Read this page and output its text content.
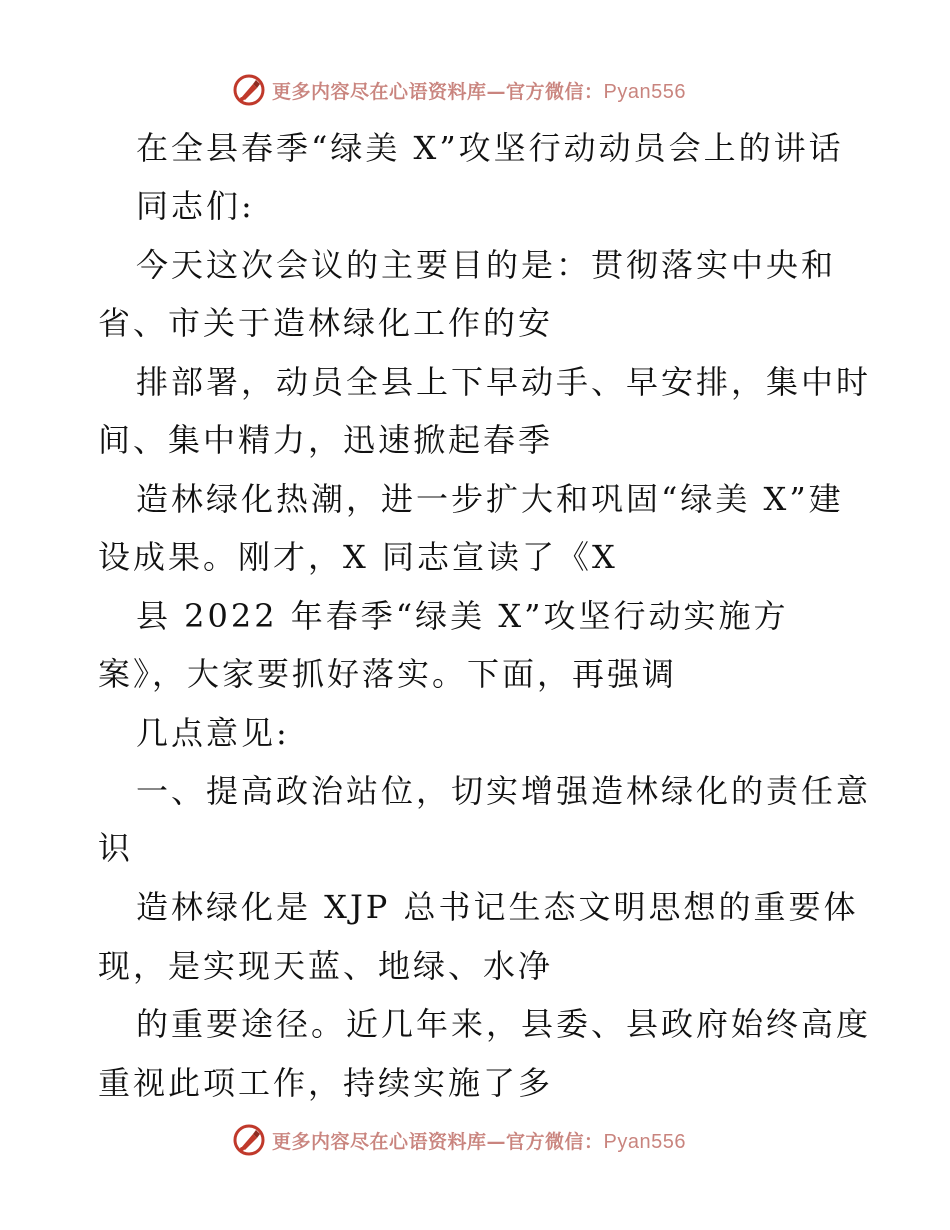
更多内容尽在心语资料库—官方微信：Pyan556
在全县春季“绿美 X”攻坚行动动员会上的讲话
同志们:
今天这次会议的主要目的是：贯彻落实中央和
省、市关于造林绿化工作的安
排部署，动员全县上下早动手、早安排，集中时
间、集中精力，迅速掀起春季
造林绿化热潮，进一步扩大和巩固“绿美 X”建
设成果。刚才，X 同志宣读了《X
县 2022 年春季“绿美 X”攻坚行动实施方
案》，大家要抓好落实。下面，再强调
几点意见:
一、提高政治站位，切实增强造林绿化的责任意
识
造林绿化是 XJP 总书记生态文明思想的重要体
现，是实现天蓝、地绿、水净
的重要途径。近几年来，县委、县政府始终高度
重视此项工作，持续实施了多
更多内容尽在心语资料库—官方微信：Pyan556
